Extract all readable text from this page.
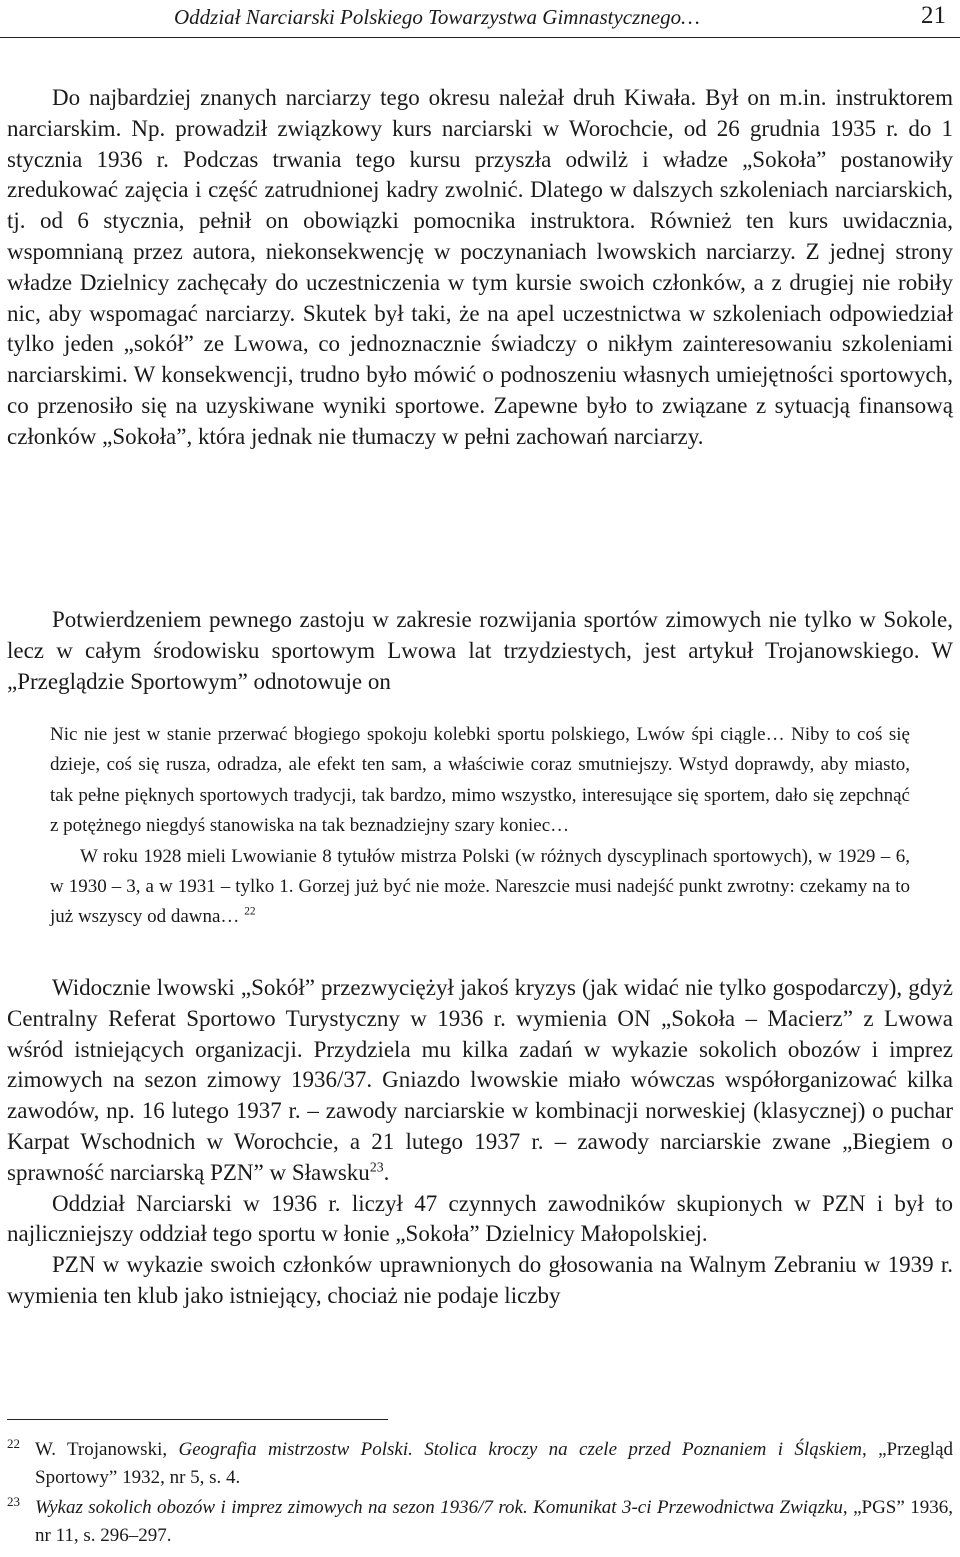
Oddział Narciarski Polskiego Towarzystwa Gimnastycznego…	21

Do najbardziej znanych narciarzy tego okresu należał druh Kiwała. Był on m.in. instruktorem narciarskim. Np. prowadził związkowy kurs narciarski w Worochcie, od 26 grudnia 1935 r. do 1 stycznia 1936 r. Podczas trwania tego kursu przyszła odwilż i władze „Sokoła” postanowiły zredukować zajęcia i część zatrudnionej kadry zwolnić. Dlatego w dalszych szkoleniach narciarskich, tj. od 6 stycznia, pełnił on obowiązki pomocnika instruktora. Również ten kurs uwidacznia, wspomnianą przez autora, niekonsekwencję w poczynaniach lwowskich narciarzy. Z jednej strony władze Dzielnicy zachęcały do uczestniczenia w tym kursie swoich członków, a z drugiej nie robiły nic, aby wspomagać narciarzy. Skutek był taki, że na apel uczestnictwa w szkoleniach odpowiedział tylko jeden „sokół” ze Lwowa, co jednoznacznie świadczy o nikłym zainteresowaniu szkoleniami narciarskimi. W konsekwencji, trudno było mówić o podnoszeniu własnych umiejętności sportowych, co przenosiło się na uzyskiwane wyniki sportowe. Zapewne było to związane z sytuacją finansową członków „Sokoła”, która jednak nie tłumaczy w pełni zachowań narciarzy.

Potwierdzeniem pewnego zastoju w zakresie rozwijania sportów zimowych nie tylko w Sokole, lecz w całym środowisku sportowym Lwowa lat trzydziestych, jest artykuł Trojanowskiego. W „Przeglądzie Sportowym” odnotowuje on

Nic nie jest w stanie przerwać błogiego spokoju kolebki sportu polskiego, Lwów śpi ciągle… Niby to coś się dzieje, coś się rusza, odradza, ale efekt ten sam, a właściwie coraz smutniejszy. Wstyd doprawdy, aby miasto, tak pełne pięknych sportowych tradycji, tak bardzo, mimo wszystko, interesujące się sportem, dało się zepchnąć z potężnego niegdyś stanowiska na tak beznadziejny szary koniec…

W roku 1928 mieli Lwowianie 8 tytułów mistrza Polski (w różnych dyscyplinach sportowych), w 1929 – 6, w 1930 – 3, a w 1931 – tylko 1. Gorzej już być nie może. Nareszcie musi nadejść punkt zwrotny: czekamy na to już wszyscy od dawna… $^{22}$

Widocznie lwowski „Sokół” przezwyciężył jakoś kryzys (jak widać nie tylko gospodarczy), gdyż Centralny Referat Sportowo Turystyczny w 1936 r. wymienia ON „Sokoła – Macierz” z Lwowa wśród istniejących organizacji. Przydziela mu kilka zadań w wykazie sokolich obozów i imprez zimowych na sezon zimowy 1936/37. Gniazdo lwowskie miało wówczas współorganizować kilka zawodów, np. 16 lutego 1937 r. – zawody narciarskie w kombinacji norweskiej (klasycznej) o puchar Karpat Wschodnich w Worochcie, a 21 lutego 1937 r. – zawody narciarskie zwane „Biegiem o sprawność narciarską PZN” w Sławsku$^{23}$.

Oddział Narciarski w 1936 r. liczył 47 czynnych zawodników skupionych w PZN i był to najliczniejszy oddział tego sportu w łonie „Sokoła” Dzielnicy Małopolskiej.

PZN w wykazie swoich członków uprawnionych do głosowania na Walnym Zebraniu w 1939 r. wymienia ten klub jako istniejący, chociaż nie podaje liczby

22 W. Trojanowski, Geografia mistrzostw Polski. Stolica kroczy na czele przed Poznaniem i Śląskiem, „Przegląd Sportowy” 1932, nr 5, s. 4.
23 Wykaz sokolich obozów i imprez zimowych na sezon 1936/7 rok. Komunikat 3-ci Przewodnictwa Związku, „PGS” 1936, nr 11, s. 296–297.
